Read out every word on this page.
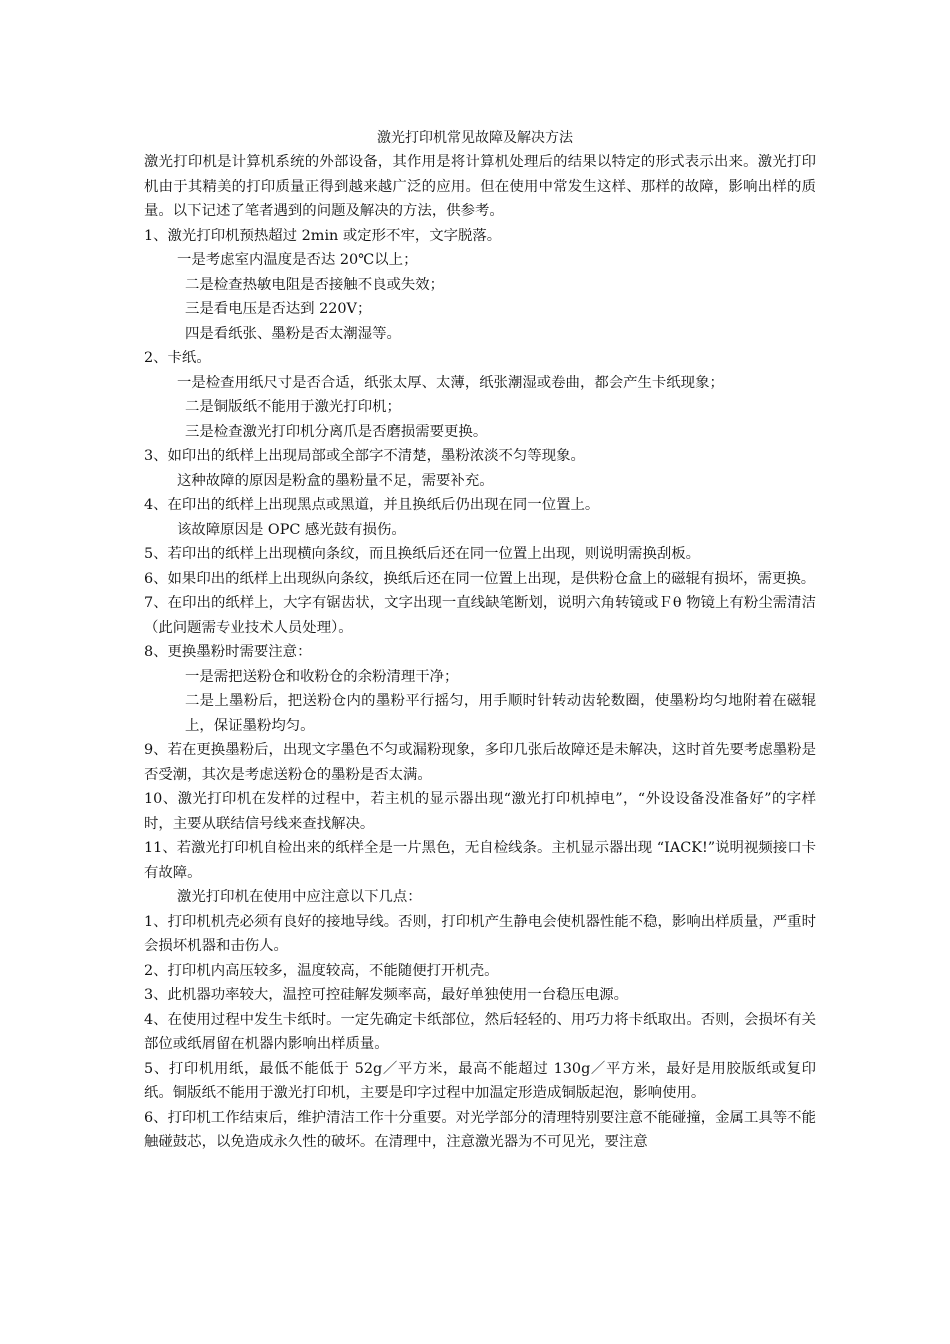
激光打印机常见故障及解决方法

激光打印机是计算机系统的外部设备，其作用是将计算机处理后的结果以特定的形式表示出来。激光打印机由于其精美的打印质量正得到越来越广泛的应用。但在使用中常发生这样、那样的故障，影响出样的质量。以下记述了笔者遇到的问题及解决的方法，供参考。

1、激光打印机预热超过 2min 或定形不牢，文字脱落。

一是考虑室内温度是否达 20℃以上；

二是检查热敏电阻是否接触不良或失效；

三是看电压是否达到 220V；

四是看纸张、墨粉是否太潮湿等。

2、卡纸。

一是检查用纸尺寸是否合适，纸张太厚、太薄，纸张潮湿或卷曲，都会产生卡纸现象；

二是铜版纸不能用于激光打印机；

三是检查激光打印机分离爪是否磨损需要更换。

3、如印出的纸样上出现局部或全部字不清楚，墨粉浓淡不匀等现象。

这种故障的原因是粉盒的墨粉量不足，需要补充。

4、在印出的纸样上出现黑点或黑道，并且换纸后仍出现在同一位置上。

该故障原因是 OPC 感光鼓有损伤。

5、若印出的纸样上出现横向条纹，而且换纸后还在同一位置上出现，则说明需换刮板。

6、如果印出的纸样上出现纵向条纹，换纸后还在同一位置上出现，是供粉仓盒上的磁辊有损坏，需更换。

7、在印出的纸样上，大字有锯齿状，文字出现一直线缺笔断划，说明六角转镜或Ｆθ 物镜上有粉尘需清洁（此问题需专业技术人员处理）。

8、更换墨粉时需要注意：

一是需把送粉仓和收粉仓的余粉清理干净；

二是上墨粉后，把送粉仓内的墨粉平行摇匀，用手顺时针转动齿轮数圈，使墨粉均匀地附着在磁辊上，保证墨粉均匀。

9、若在更换墨粉后，出现文字墨色不匀或漏粉现象，多印几张后故障还是未解决，这时首先要考虑墨粉是否受潮，其次是考虑送粉仓的墨粉是否太满。

10、激光打印机在发样的过程中，若主机的显示器出现“激光打印机掉电”，“外设设备没准备好”的字样时，主要从联结信号线来查找解决。

11、若激光打印机自检出来的纸样全是一片黑色，无自检线条。主机显示器出现 “IACK!”说明视频接口卡有故障。

激光打印机在使用中应注意以下几点：

1、打印机机壳必须有良好的接地导线。否则，打印机产生静电会使机器性能不稳，影响出样质量，严重时会损坏机器和击伤人。

2、打印机内高压较多，温度较高，不能随便打开机壳。

3、此机器功率较大，温控可控硅解发频率高，最好单独使用一台稳压电源。

4、在使用过程中发生卡纸时。一定先确定卡纸部位，然后轻轻的、用巧力将卡纸取出。否则，会损坏有关部位或纸屑留在机器内影响出样质量。

5、打印机用纸，最低不能低于 52g／平方米，最高不能超过 130g／平方米，最好是用胶版纸或复印纸。铜版纸不能用于激光打印机，主要是印字过程中加温定形造成铜版起泡，影响使用。

6、打印机工作结束后，维护清洁工作十分重要。对光学部分的清理特别要注意不能碰撞，金属工具等不能触碰鼓芯，以免造成永久性的破坏。在清理中，注意激光器为不可见光，要注意
